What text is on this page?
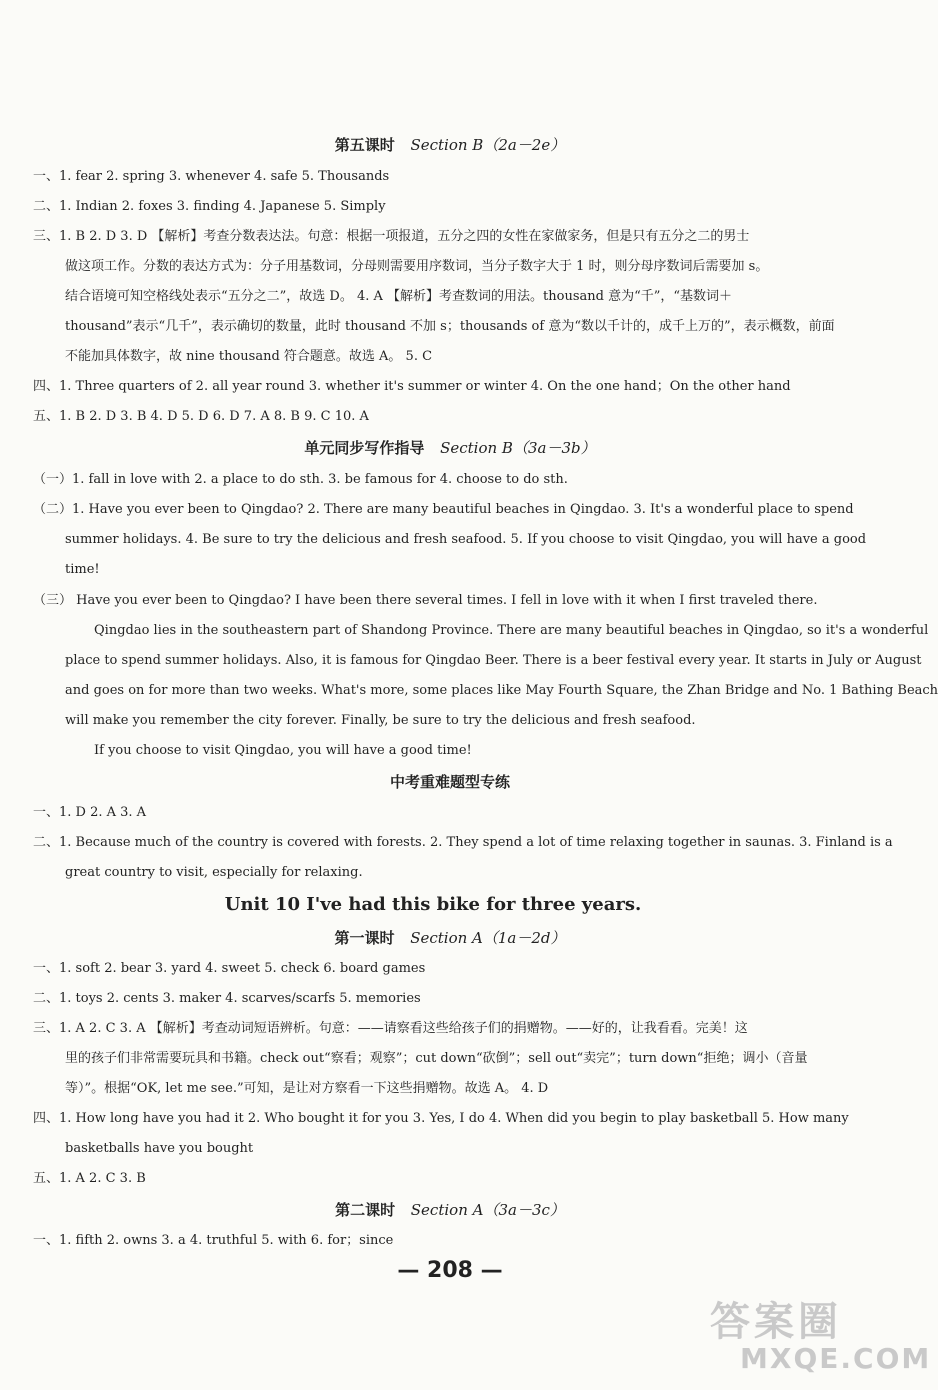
第五课时 Section B（2a－2e）
一、1. fear 2. spring 3. whenever 4. safe 5. Thousands
二、1. Indian 2. foxes 3. finding 4. Japanese 5. Simply
三、1. B 2. D 3. D 【解析】考查分数表达法。句意：根据一项报道，五分之四的女性在家做家务，但是只有五分之二的男士
做这项工作。分数的表达方式为：分子用基数词，分母则需要用序数词，当分子数字大于 1 时，则分母序数词后需要加 s。
结合语境可知空格线处表示“五分之二”，故选 D。 4. A 【解析】考查数词的用法。thousand 意为“千”，“基数词＋
thousand”表示“几千”，表示确切的数量，此时 thousand 不加 s；thousands of 意为“数以千计的，成千上万的”，表示概数，前面
不能加具体数字，故 nine thousand 符合题意。故选 A。 5. C
四、1. Three quarters of 2. all year round 3. whether it's summer or winter 4. On the one hand；On the other hand
五、1. B 2. D 3. B 4. D 5. D 6. D 7. A 8. B 9. C 10. A
单元同步写作指导 Section B（3a－3b）
（一）1. fall in love with 2. a place to do sth. 3. be famous for 4. choose to do sth.
（二）1. Have you ever been to Qingdao? 2. There are many beautiful beaches in Qingdao. 3. It's a wonderful place to spend
summer holidays. 4. Be sure to try the delicious and fresh seafood. 5. If you choose to visit Qingdao, you will have a good
time!
（三） Have you ever been to Qingdao? I have been there several times. I fell in love with it when I first traveled there.
Qingdao lies in the southeastern part of Shandong Province. There are many beautiful beaches in Qingdao, so it's a wonderful
place to spend summer holidays. Also, it is famous for Qingdao Beer. There is a beer festival every year. It starts in July or August
and goes on for more than two weeks. What's more, some places like May Fourth Square, the Zhan Bridge and No. 1 Bathing Beach
will make you remember the city forever. Finally, be sure to try the delicious and fresh seafood.
If you choose to visit Qingdao, you will have a good time!
中考重难题型专练
一、1. D 2. A 3. A
二、1. Because much of the country is covered with forests. 2. They spend a lot of time relaxing together in saunas. 3. Finland is a
great country to visit, especially for relaxing.
Unit 10 I've had this bike for three years.
第一课时 Section A（1a－2d）
一、1. soft 2. bear 3. yard 4. sweet 5. check 6. board games
二、1. toys 2. cents 3. maker 4. scarves/scarfs 5. memories
三、1. A 2. C 3. A 【解析】考查动词短语辨析。句意：——请察看这些给孩子们的捐赠物。——好的，让我看看。完美！这
里的孩子们非常需要玩具和书籍。check out“察看；观察”；cut down“砍倒”；sell out“卖完”；turn down“拒绝；调小（音量
等）”。根据“OK, let me see.”可知，是让对方察看一下这些捐赠物。故选 A。 4. D
四、1. How long have you had it 2. Who bought it for you 3. Yes, I do 4. When did you begin to play basketball 5. How many
basketballs have you bought
五、1. A 2. C 3. B
第二课时 Section A（3a－3c）
一、1. fifth 2. owns 3. a 4. truthful 5. with 6. for；since
— 208 —
答案圈
MXQE.COM
